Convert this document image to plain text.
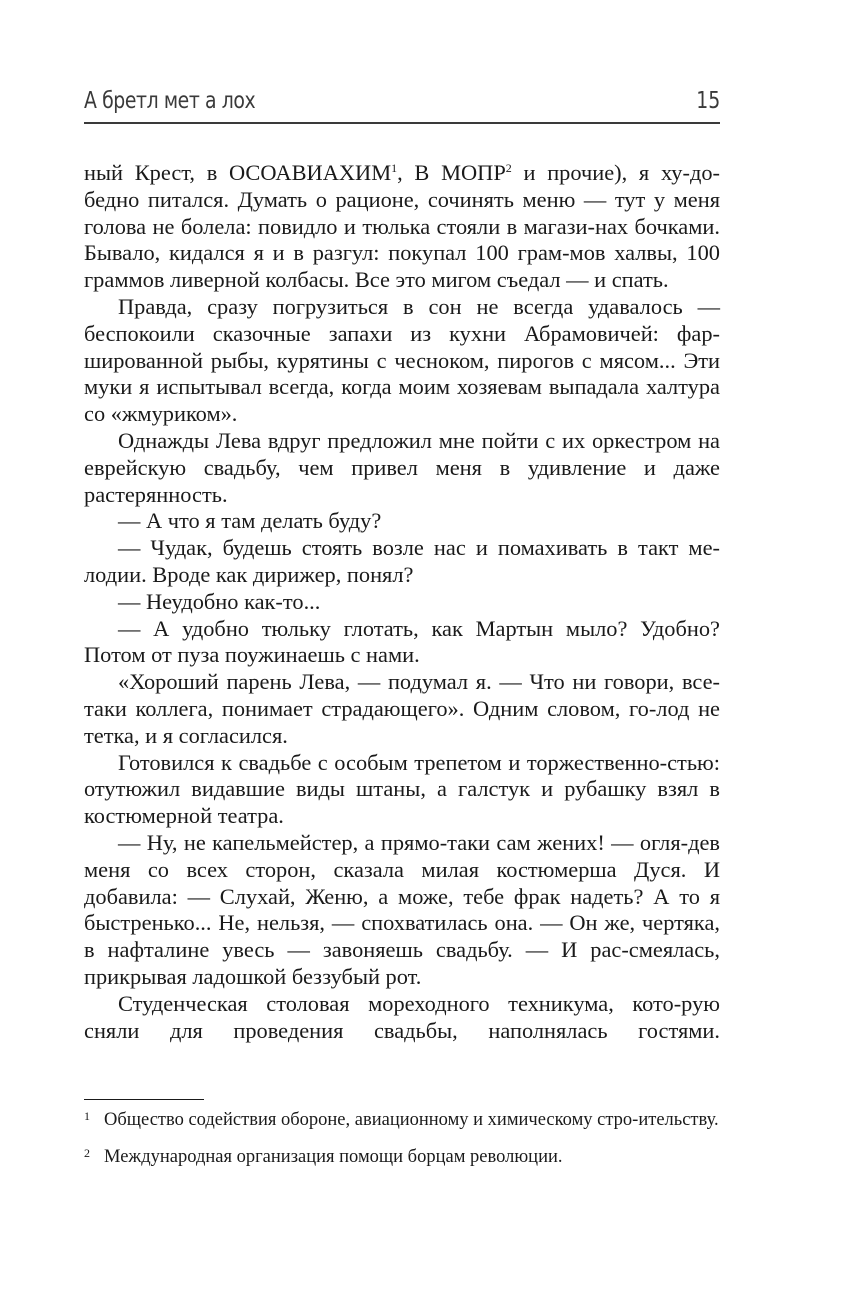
А бретл мет а лох	15

ный Крест, в ОСОАВИАХИМ$^1$, В МОПР$^2$ и прочие), я ху-до-бедно питался. Думать о рационе, сочинять меню — тут у меня голова не болела: повидло и тюлька стояли в магази-нах бочками. Бывало, кидался я и в разгул: покупал 100 грам-мов халвы, 100 граммов ливерной колбасы. Все это мигом съедал — и спать.

Правда, сразу погрузиться в сон не всегда удавалось — беспокоили сказочные запахи из кухни Абрамовичей: фар-шированной рыбы, курятины с чесноком, пирогов с мясом... Эти муки я испытывал всегда, когда моим хозяевам выпадала халтура со «жмуриком».

Однажды Лева вдруг предложил мне пойти с их оркестром на еврейскую свадьбу, чем привел меня в удивление и даже растерянность.

— А что я там делать буду?

— Чудак, будешь стоять возле нас и помахивать в такт ме-лодии. Вроде как дирижер, понял?

— Неудобно как-то...

— А удобно тюльку глотать, как Мартын мыло? Удобно? Потом от пуза поужинаешь с нами.

«Хороший парень Лева, — подумал я. — Что ни говори, все-таки коллега, понимает страдающего». Одним словом, го-лод не тетка, и я согласился.

Готовился к свадьбе с особым трепетом и торжественно-стью: отутюжил видавшие виды штаны, а галстук и рубашку взял в костюмерной театра.

— Ну, не капельмейстер, а прямо-таки сам жених! — огля-дев меня со всех сторон, сказала милая костюмерша Дуся. И добавила: — Слухай, Женю, а може, тебе фрак надеть? А то я быстренько... Не, нельзя, — спохватилась она. — Он же, чертяка, в нафталине увесь — завоняешь свадьбу. — И рас-смеялась, прикрывая ладошкой беззубый рот.

Студенческая столовая мореходного техникума, кото-рую сняли для проведения свадьбы, наполнялась гостями.

1 Общество содействия обороне, авиационному и химическому стро-ительству.
2 Международная организация помощи борцам революции.
